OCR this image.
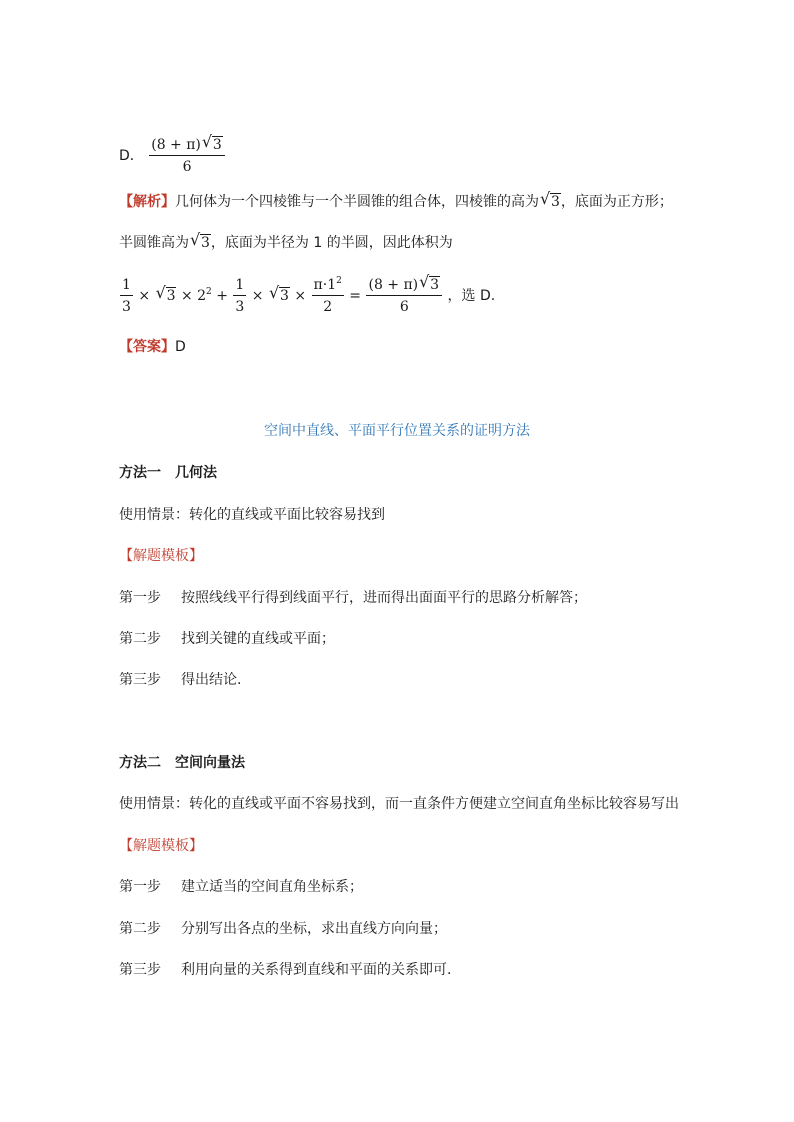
D． $\frac{(8 + \pi) √ 3}{6}$
【解析】几何体为一个四棱锥与一个半圆锥的组合体，四棱锥的高为 √ 3，底面为正方形；
半圆锥高为 √ 3，底面为半径为 1 的半圆，因此体积为
$\frac{1}{3}$ × √ $3 \times 2^2 + \frac{1}{3}$ × √ $3 \times \frac{\pi\cdot 1^2}{2} = \frac{(8 + \pi) √ 3}{6}$ ，选 D.
【答案】D
空间中直线、平面平行位置关系的证明方法
方法一　几何法
使用情景：转化的直线或平面比较容易找到
【解题模板】
第一步 按照线线平行得到线面平行，进而得出面面平行的思路分析解答；
第二步 找到关键的直线或平面；
第三步 得出结论.
方法二　空间向量法
使用情景：转化的直线或平面不容易找到，而一直条件方便建立空间直角坐标比较容易写出
【解题模板】
第一步 建立适当的空间直角坐标系；
第二步 分别写出各点的坐标，求出直线方向向量；
第三步 利用向量的关系得到直线和平面的关系即可.
